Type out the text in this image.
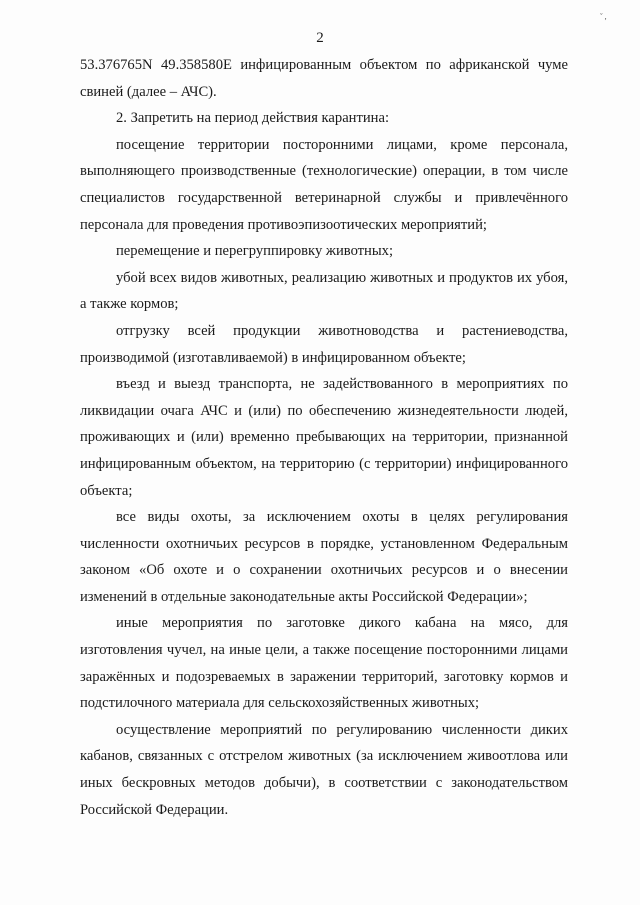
ˇ ,
2

53.376765N 49.358580E инфицированным объектом по африканской чуме свиней (далее – АЧС).

2. Запретить на период действия карантина:

посещение территории посторонними лицами, кроме персонала, выполняющего производственные (технологические) операции, в том числе специалистов государственной ветеринарной службы и привлечённого персонала для проведения противоэпизоотических мероприятий;

перемещение и перегруппировку животных;

убой всех видов животных, реализацию животных и продуктов их убоя, а также кормов;

отгрузку всей продукции животноводства и растениеводства, производимой (изготавливаемой) в инфицированном объекте;

въезд и выезд транспорта, не задействованного в мероприятиях по ликвидации очага АЧС и (или) по обеспечению жизнедеятельности людей, проживающих и (или) временно пребывающих на территории, признанной инфицированным объектом, на территорию (с территории) инфицированного объекта;

все виды охоты, за исключением охоты в целях регулирования численности охотничьих ресурсов в порядке, установленном Федеральным законом «Об охоте и о сохранении охотничьих ресурсов и о внесении изменений в отдельные законодательные акты Российской Федерации»;

иные мероприятия по заготовке дикого кабана на мясо, для изготовления чучел, на иные цели, а также посещение посторонними лицами заражённых и подозреваемых в заражении территорий, заготовку кормов и подстилочного материала для сельскохозяйственных животных;

осуществление мероприятий по регулированию численности диких кабанов, связанных с отстрелом животных (за исключением живоотлова или иных бескровных методов добычи), в соответствии с законодательством Российской Федерации.
